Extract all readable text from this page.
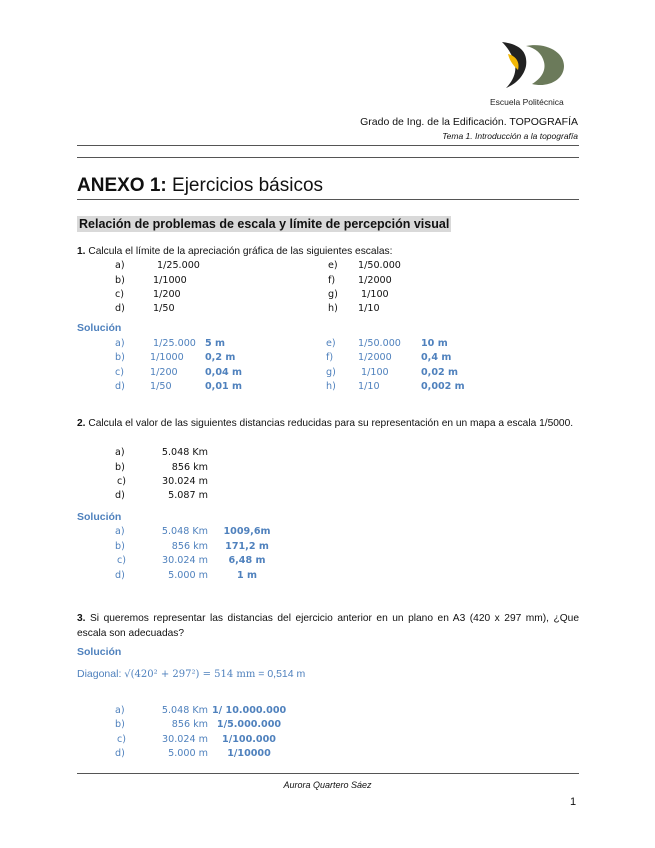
Escuela Politécnica
Grado de Ing. de la Edificación. TOPOGRAFÍA
Tema 1. Introducción a la topografía
ANEXO 1: Ejercicios básicos
Relación de problemas de escala y límite de percepción visual
1. Calcula el límite de la apreciación gráfica de las siguientes escalas:
a)	1/25.000
b)	1/1000
c)	1/200
d)	1/50
e) 1/50.000
f) 1/2000
g) 1/100
h) 1/10
Solución
a)	1/25.000 5 m
b)	1/1000 0,2 m
c)	1/200	0,04 m
d)	1/50	0,01 m
e) 1/50.000 10 m
f)	1/2000	0,4 m
g)	1/100	0,02 m
h) 1/10	0,002 m
2. Calcula el valor de las siguientes distancias reducidas para su representación en un mapa a escala 1/5000.
a)	5.048 Km
b)	856 km
c)	30.024 m
d)	5.087 m
Solución
a)	5.048 Km	1009,6m
b)	856 km	171,2 m
c)	30.024 m	6,48 m
d)	5.000 m	1 m
3. Si queremos representar las distancias del ejercicio anterior en un plano en A3 (420 x 297 mm), ¿Que escala son adecuadas?
Solución
Diagonal: √(420² + 297²) = 514 mm = 0,514 m
a)	5.048 Km 1/ 10.000.000
b)	856 km 1/5.000.000
c)	30.024 m	1/100.000
d)	5.000 m	1/10000
Aurora Quartero Sáez
1
